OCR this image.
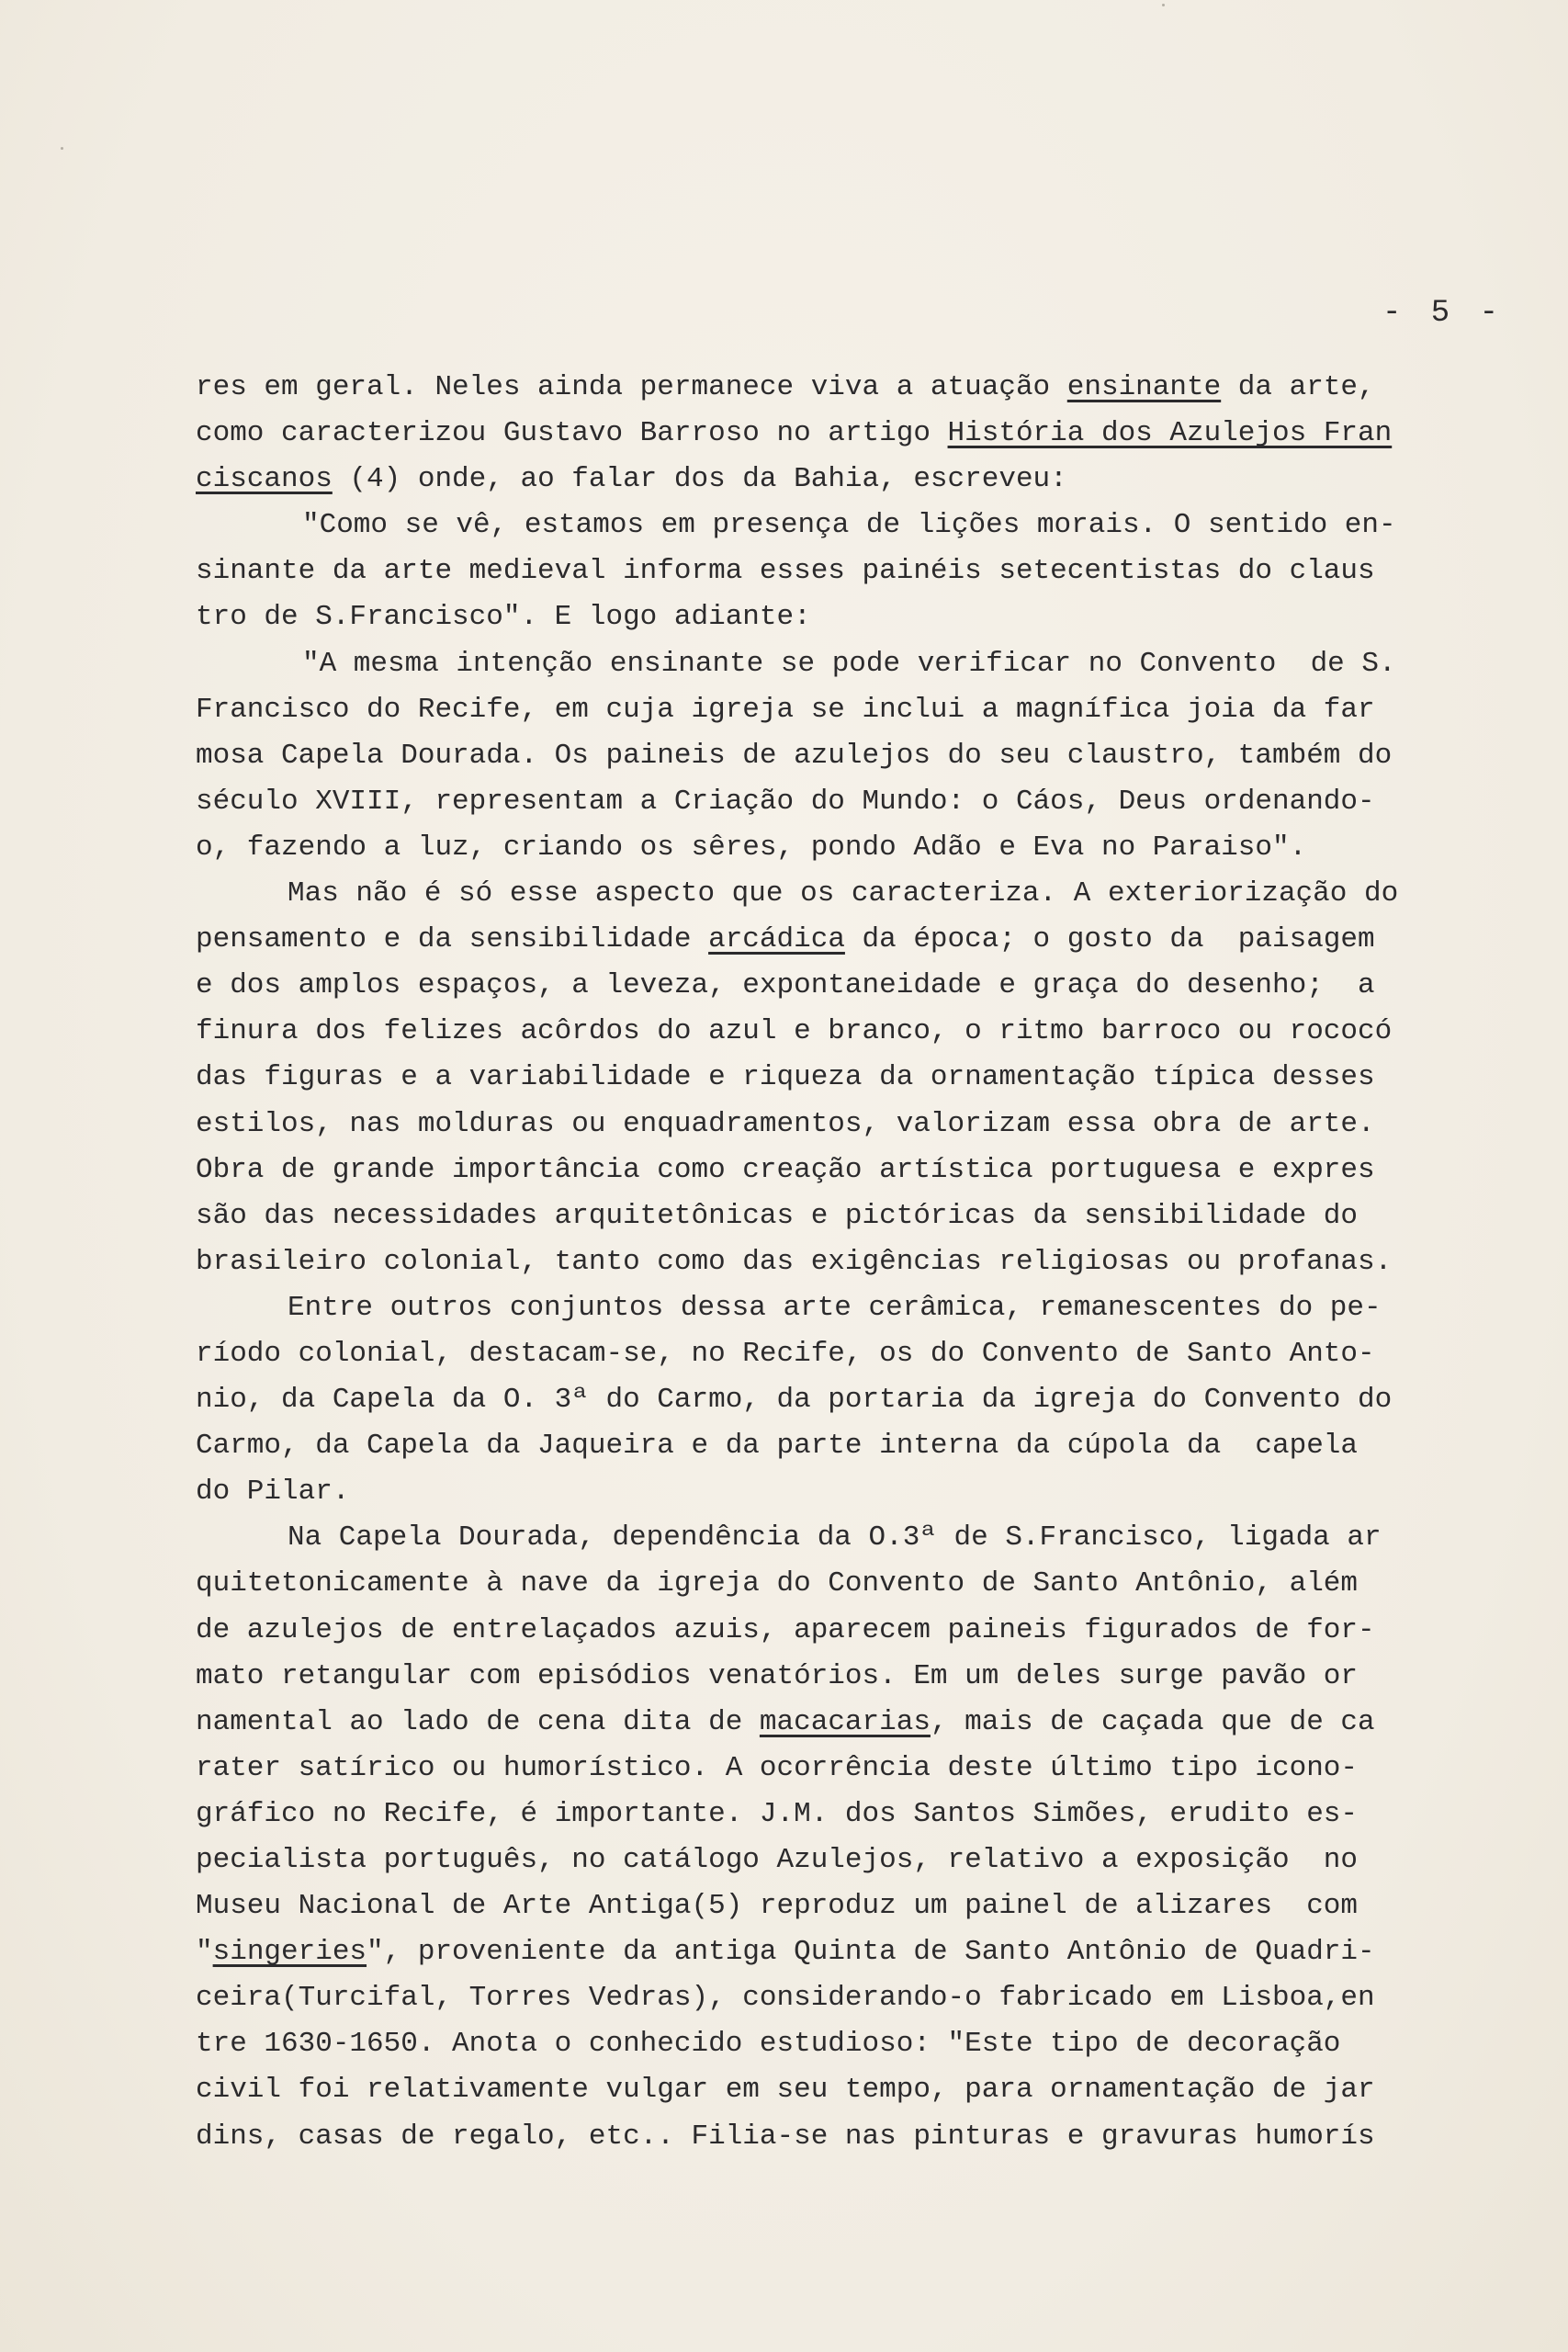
- 5 -
res em geral. Neles ainda permanece viva a atuação ensinante da arte,
como caracterizou Gustavo Barroso no artigo História dos Azulejos Fran
ciscanos (4) onde, ao falar dos da Bahia, escreveu:
"Como se vê, estamos em presença de lições morais. O sentido en-
sinante da arte medieval informa esses painéis setecentistas do claus
tro de S.Francisco". E logo adiante:
"A mesma intenção ensinante se pode verificar no Convento  de S.
Francisco do Recife, em cuja igreja se inclui a magnífica joia da far
mosa Capela Dourada. Os paineis de azulejos do seu claustro, também do
século XVIII, representam a Criação do Mundo: o Cáos, Deus ordenando-
o, fazendo a luz, criando os sêres, pondo Adão e Eva no Paraiso".
Mas não é só esse aspecto que os caracteriza. A exteriorização do
pensamento e da sensibilidade arcádica da época; o gosto da  paisagem
e dos amplos espaços, a leveza, expontaneidade e graça do desenho;  a
finura dos felizes acôrdos do azul e branco, o ritmo barroco ou rococó
das figuras e a variabilidade e riqueza da ornamentação típica desses
estilos, nas molduras ou enquadramentos, valorizam essa obra de arte.
Obra de grande importância como creação artística portuguesa e expres
são das necessidades arquitetônicas e pictóricas da sensibilidade do
brasileiro colonial, tanto como das exigências religiosas ou profanas.
Entre outros conjuntos dessa arte cerâmica, remanescentes do pe-
ríodo colonial, destacam-se, no Recife, os do Convento de Santo Anto-
nio, da Capela da O. 3ª do Carmo, da portaria da igreja do Convento do
Carmo, da Capela da Jaqueira e da parte interna da cúpola da  capela
do Pilar.
Na Capela Dourada, dependência da O.3ª de S.Francisco, ligada ar
quitetonicamente à nave da igreja do Convento de Santo Antônio, além
de azulejos de entrelaçados azuis, aparecem paineis figurados de for-
mato retangular com episódios venatórios. Em um deles surge pavão or
namental ao lado de cena dita de macacarias, mais de caçada que de ca
rater satírico ou humorístico. A ocorrência deste último tipo icono-
gráfico no Recife, é importante. J.M. dos Santos Simões, erudito es-
pecialista português, no catálogo Azulejos, relativo a exposição  no
Museu Nacional de Arte Antiga(5) reproduz um painel de alizares  com
"singeries", proveniente da antiga Quinta de Santo Antônio de Quadri-
ceira(Turcifal, Torres Vedras), considerando-o fabricado em Lisboa,en
tre 1630-1650. Anota o conhecido estudioso: "Este tipo de decoração
civil foi relativamente vulgar em seu tempo, para ornamentação de jar
dins, casas de regalo, etc.. Filia-se nas pinturas e gravuras humorís
